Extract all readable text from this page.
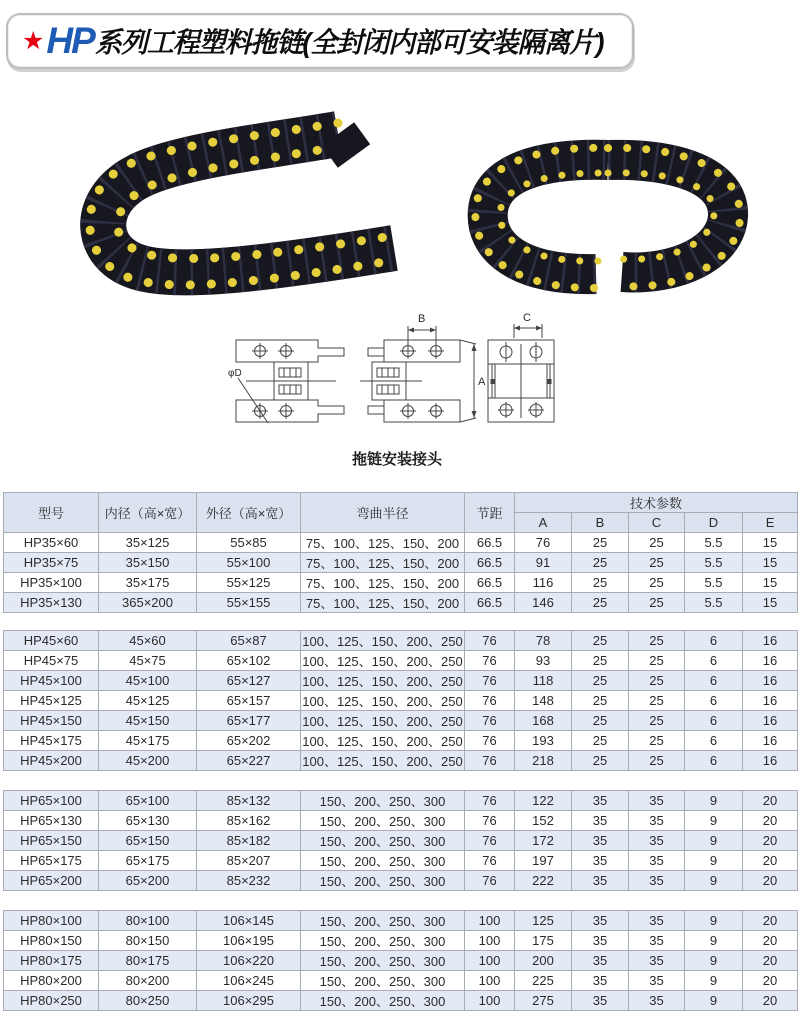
★ HP 系列工程塑料拖链(全封闭内部可安装隔离片)
φD
B
A
C
拖链安装接头
型号	内径（高×宽）	外径（高×宽）	弯曲半径	节距	技术参数				
					A	B	C	D	E
HP35×60	35×125	55×85	75、100、125、150、200	66.5	76	25	25	5.5	15
HP35×75	35×150	55×100	75、100、125、150、200	66.5	91	25	25	5.5	15
HP35×100	35×175	55×125	75、100、125、150、200	66.5	116	25	25	5.5	15
HP35×130	365×200	55×155	75、100、125、150、200	66.5	146	25	25	5.5	15
HP45×60	45×60	65×87	100、125、150、200、250	76	78	25	25	6	16
HP45×75	45×75	65×102	100、125、150、200、250	76	93	25	25	6	16
HP45×100	45×100	65×127	100、125、150、200、250	76	118	25	25	6	16
HP45×125	45×125	65×157	100、125、150、200、250	76	148	25	25	6	16
HP45×150	45×150	65×177	100、125、150、200、250	76	168	25	25	6	16
HP45×175	45×175	65×202	100、125、150、200、250	76	193	25	25	6	16
HP45×200	45×200	65×227	100、125、150、200、250	76	218	25	25	6	16
HP65×100	65×100	85×132	150、200、250、300	76	122	35	35	9	20
HP65×130	65×130	85×162	150、200、250、300	76	152	35	35	9	20
HP65×150	65×150	85×182	150、200、250、300	76	172	35	35	9	20
HP65×175	65×175	85×207	150、200、250、300	76	197	35	35	9	20
HP65×200	65×200	85×232	150、200、250、300	76	222	35	35	9	20
HP80×100	80×100	106×145	150、200、250、300	100	125	35	35	9	20
HP80×150	80×150	106×195	150、200、250、300	100	175	35	35	9	20
HP80×175	80×175	106×220	150、200、250、300	100	200	35	35	9	20
HP80×200	80×200	106×245	150、200、250、300	100	225	35	35	9	20
HP80×250	80×250	106×295	150、200、250、300	100	275	35	35	9	20
